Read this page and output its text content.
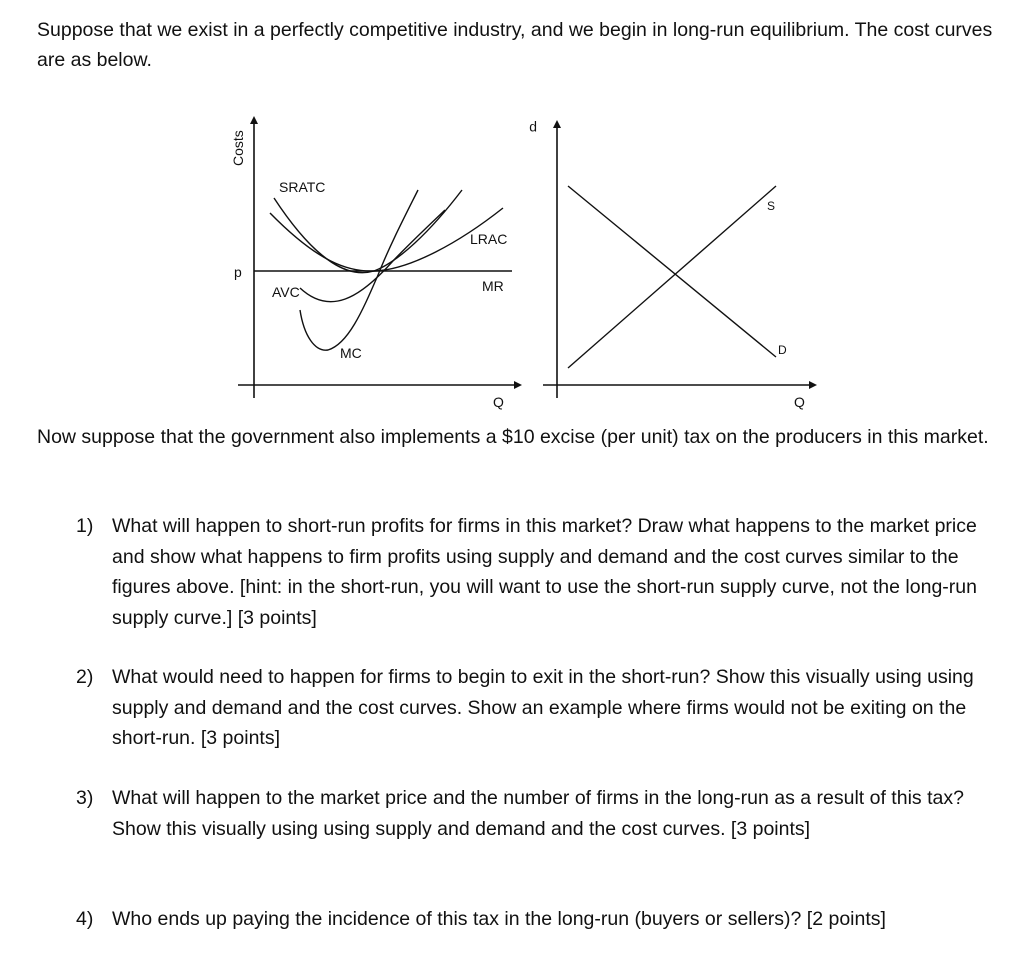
Suppose that we exist in a perfectly competitive industry, and we begin in long-run equilibrium. The cost curves are as below.

Costs
Q
p
SRATC
LRAC
AVC	MR
MC
p
Q
S
D

Now suppose that the government also implements a $10 excise (per unit) tax on the producers in this market.

1) What will happen to short-run profits for firms in this market? Draw what happens to the market price and show what happens to firm profits using supply and demand and the cost curves similar to the figures above. [hint: in the short-run, you will want to use the short-run supply curve, not the long-run supply curve.] [3 points]

2) What would need to happen for firms to begin to exit in the short-run? Show this visually using using supply and demand and the cost curves. Show an example where firms would not be exiting on the short-run. [3 points]

3) What will happen to the market price and the number of firms in the long-run as a result of this tax? Show this visually using using supply and demand and the cost curves. [3 points]

4) Who ends up paying the incidence of this tax in the long-run (buyers or sellers)? [2 points]
